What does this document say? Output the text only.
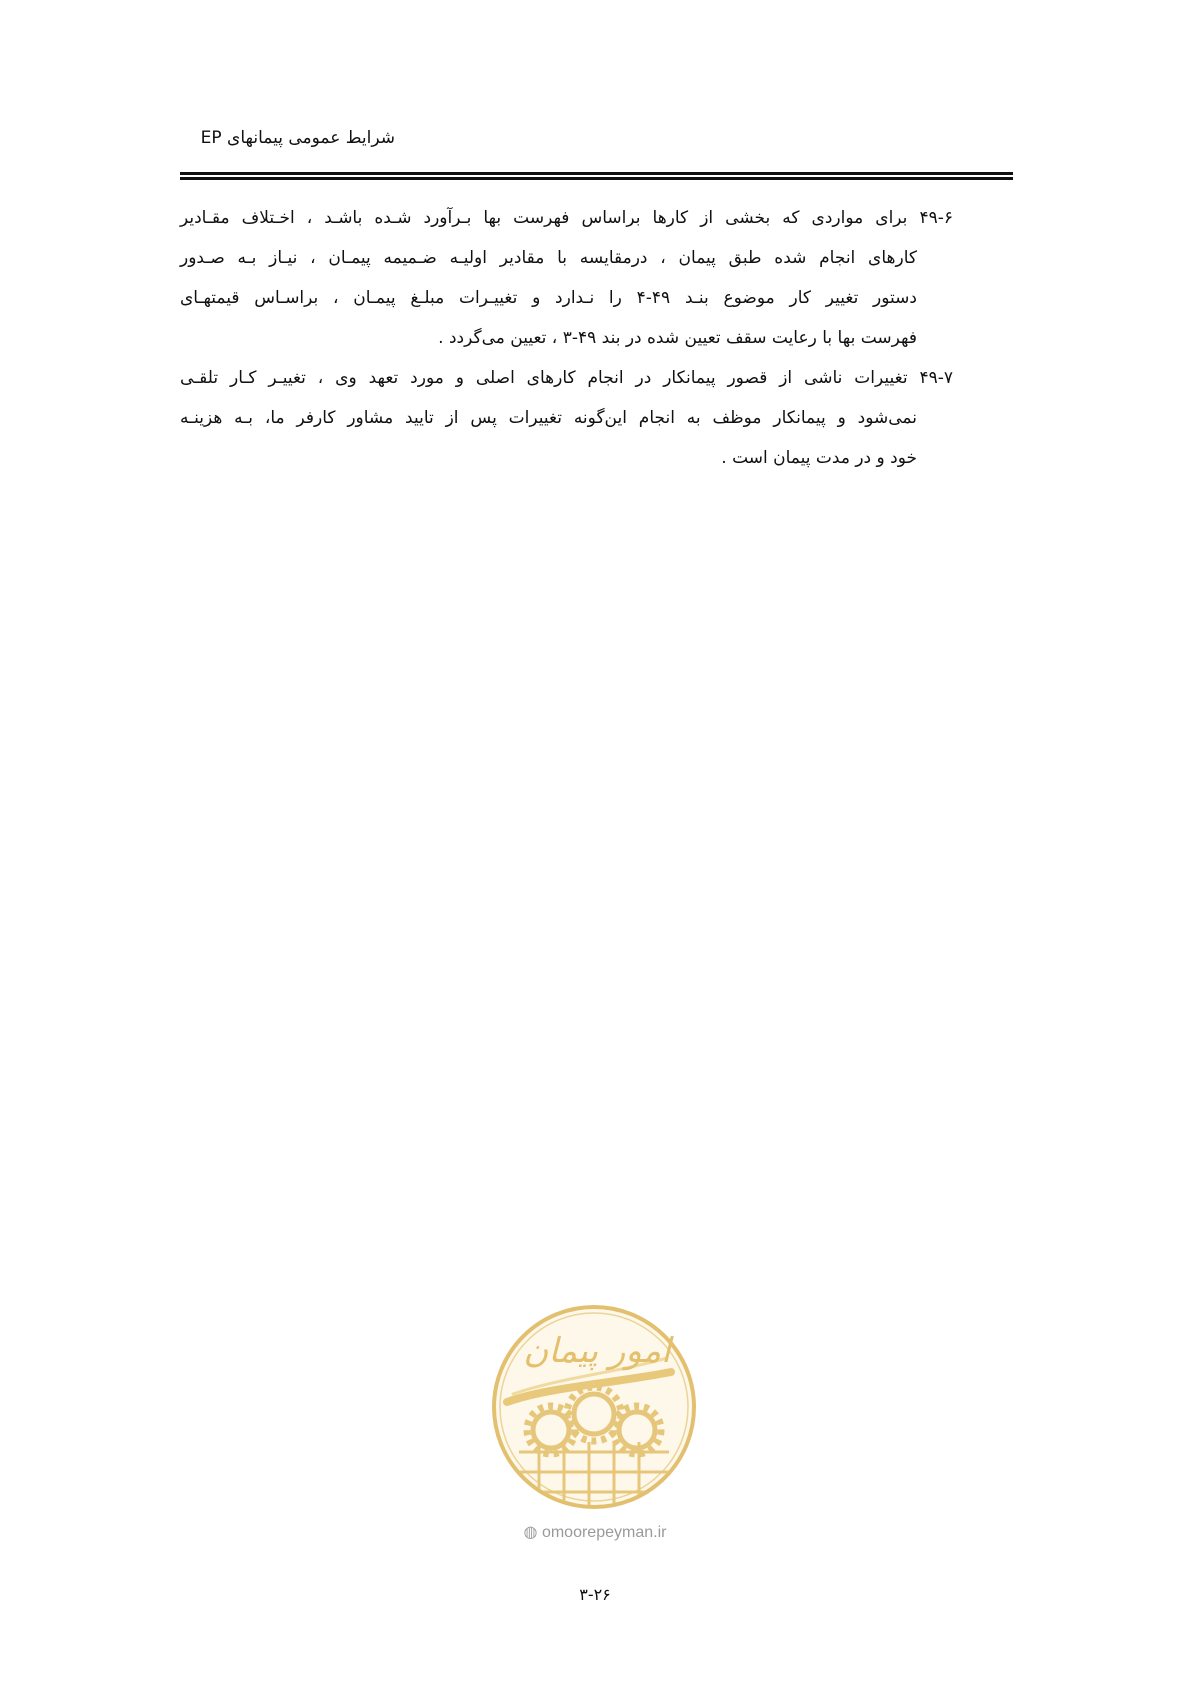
شرایط عمومی پیمانهای EP
۴۹-۶ برای مواردی که بخشی از کارها براساس فهرست بها بـرآورد شـده باشـد ، اخـتلاف مقـادیر
کارهای انجام شده طبق پیمان ، درمقایسه با مقادیر اولیـه ضـمیمه پیمـان ، نیـاز بـه صـدور
دستور تغییر کار موضوع بنـد ۴۹-۴ را نـدارد و تغییـرات مبلـغ پیمـان ، براسـاس قیمتهـای
فهرست بها با رعایت سقف تعیین شده در بند ۴۹-۳ ، تعیین می‌گردد .
۴۹-۷ تغییرات ناشی از قصور پیمانکار در انجام کارهای اصلی و مورد تعهد وی ، تغییـر کـار تلقـی
نمی‌شود و پیمانکار موظف به انجام این‌گونه تغییرات پس از تایید مشاور کارفر ما، بـه هزینـه
خود و در مدت پیمان است .
امور پیمان
◍ omoorepeyman.ir
۳-۲۶
